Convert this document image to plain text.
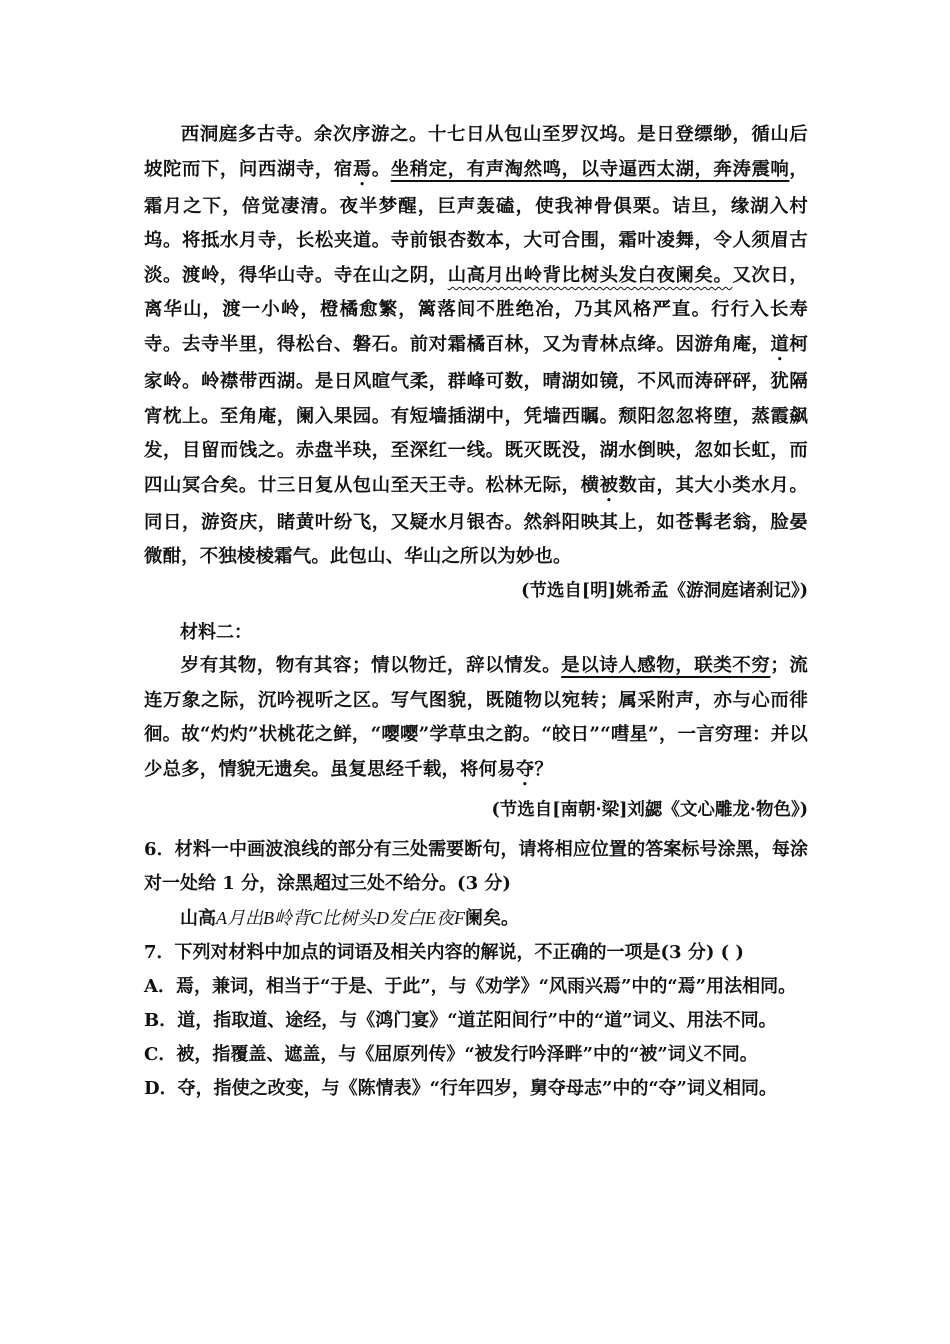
西洞庭多古寺。余次序游之。十七日从包山至罗汉坞。是日登缥缈，循山后坡陀而下，问西湖寺，宿焉。坐稍定，有声淘然鸣，以寺逼西太湖，奔涛震响，霜月之下，倍觉凄清。夜半梦醒，巨声轰磕，使我神骨俱栗。诘旦，缘湖入村坞。将抵水月寺，长松夹道。寺前银杏数本，大可合围，霜叶凌舞，令人须眉古淡。渡岭，得华山寺。寺在山之阴，山高月出岭背比树头发白夜阑矣。又次日，离华山，渡一小岭，橙橘愈繁，篱落间不胜绝冶，乃其风格严直。行行入长寿寺。去寺半里，得松台、磐石。前对霜橘百林，又为青林点绛。因游角庵，道柯家岭。岭襟带西湖。是日风暄气柔，群峰可数，晴湖如镜，不风而涛砰砰，犹隔宵枕上。至角庵，阑入果园。有短墙插湖中，凭墙西瞩。颓阳忽忽将堕，蒸霞飙发，目留而饯之。赤盘半玦，至深红一线。既灭既没，湖水倒映，忽如长虹，而四山冥合矣。廿三日复从包山至天王寺。松林无际，横被数亩，其大小类水月。同日，游资庆，睹黄叶纷飞，又疑水月银杏。然斜阳映其上，如苍髯老翁，脸晏微酣，不独棱棱霜气。此包山、华山之所以为妙也。

(节选自[明]姚希孟《游洞庭诸刹记》)

材料二：

岁有其物，物有其容；情以物迁，辞以情发。是以诗人感物，联类不穷；流连万象之际，沉吟视听之区。写气图貌，既随物以宛转；属采附声，亦与心而徘徊。故“灼灼”状桃花之鲜，“嘤嘤”学草虫之韵。“皎日”“嘒星”，一言穷理：并以少总多，情貌无遗矣。虽复思经千载，将何易夺？

(节选自[南朝·梁]刘勰《文心雕龙·物色》)

6．材料一中画波浪线的部分有三处需要断句，请将相应位置的答案标号涂黑，每涂对一处给 1 分，涂黑超过三处不给分。(3 分)

山高A月出B岭背C比树头D发白E夜F阑矣。

7．下列对材料中加点的词语及相关内容的解说，不正确的一项是(3 分) ( )

A．焉，兼词，相当于“于是、于此”，与《劝学》“风雨兴焉”中的“焉”用法相同。

B．道，指取道、途经，与《鸿门宴》“道芷阳间行”中的“道”词义、用法不同。

C．被，指覆盖、遮盖，与《屈原列传》“被发行吟泽畔”中的“被”词义不同。

D．夺，指使之改变，与《陈情表》“行年四岁，舅夺母志”中的“夺”词义相同。
